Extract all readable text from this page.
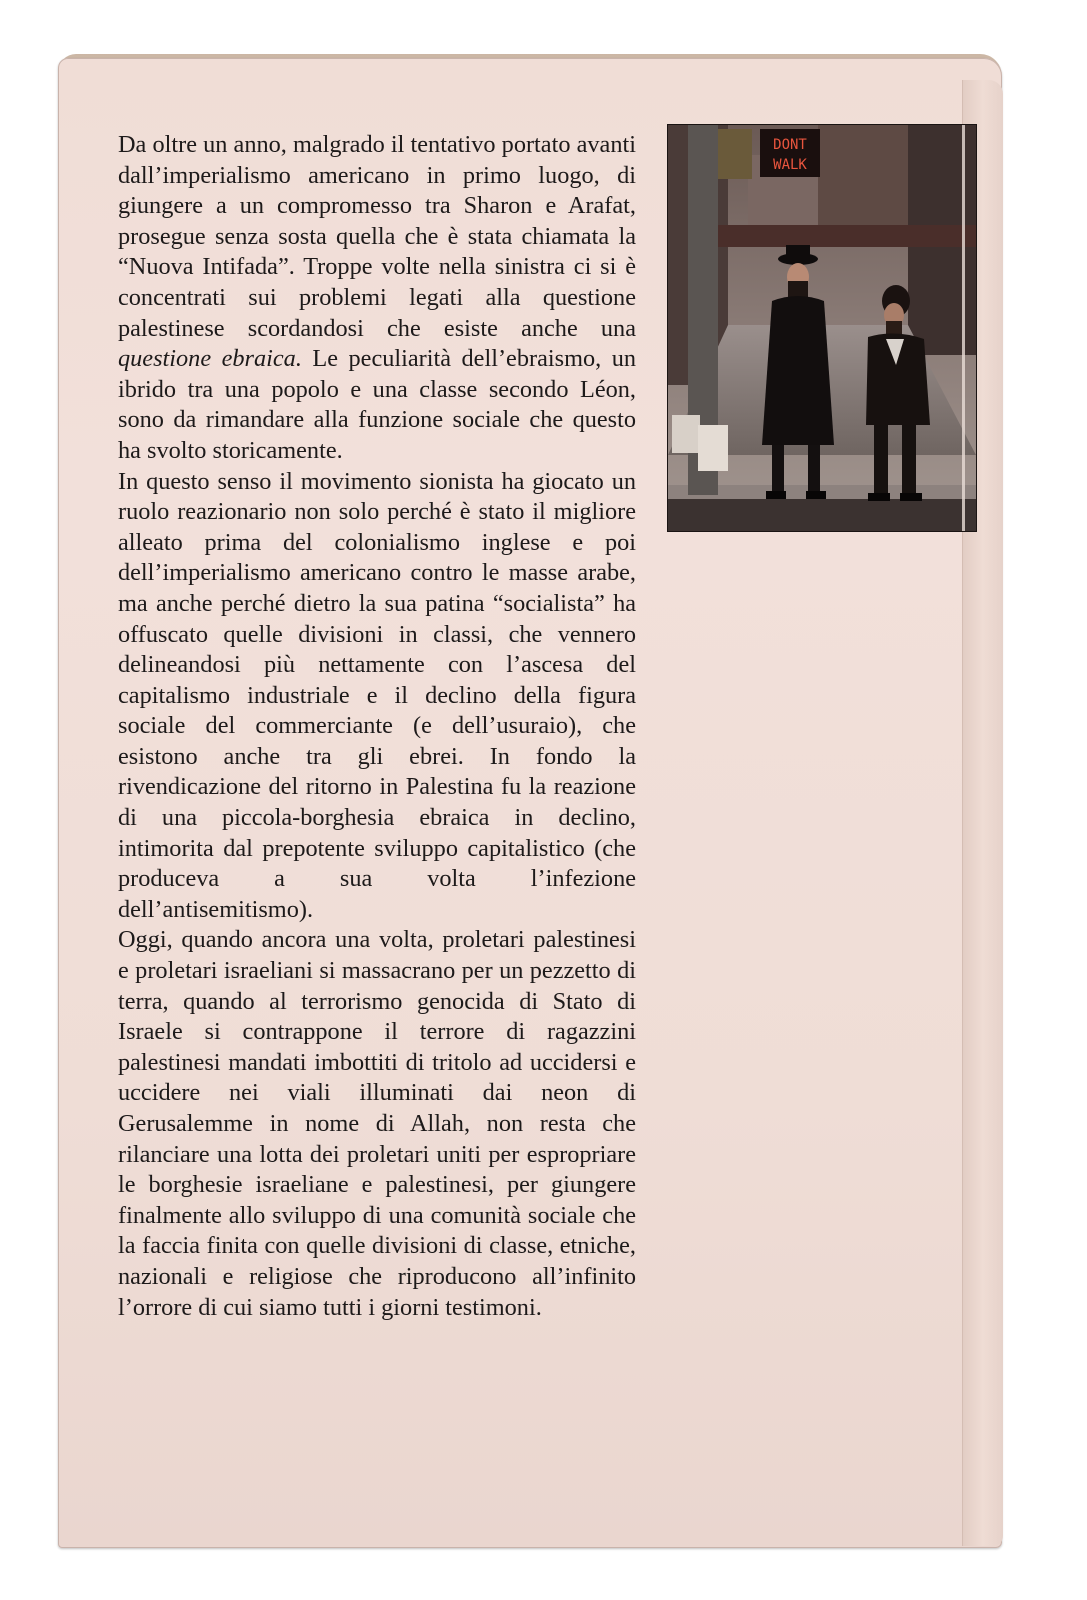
Da oltre un anno, malgrado il tentativo portato avanti dall’imperialismo americano in primo luogo, di giungere a un compromesso tra Sharon e Arafat, prosegue senza sosta quella che è stata chiamata la “Nuova Intifada”. Troppe volte nella sinistra ci si è concentrati sui problemi legati alla questione palestinese scordandosi che esiste anche una questione ebraica. Le peculiarità dell’ebraismo, un ibrido tra una popolo e una classe secondo Léon, sono da rimandare alla funzione sociale che questo ha svolto storicamente.

In questo senso il movimento sionista ha giocato un ruolo reazionario non solo perché è stato il migliore alleato prima del colonialismo inglese e poi dell’imperialismo americano contro le masse arabe, ma anche perché dietro la sua patina “socialista” ha offuscato quelle divisioni in classi, che vennero delineandosi più nettamente con l’ascesa del capitalismo industriale e il declino della figura sociale del commerciante (e dell’usuraio), che esistono anche tra gli ebrei. In fondo la rivendicazione del ritorno in Palestina fu la reazione di una piccola-borghesia ebraica in declino, intimorita dal prepotente sviluppo capitalistico (che produceva a sua volta l’infezione dell’antisemitismo).

Oggi, quando ancora una volta, proletari palestinesi e proletari israeliani si massacrano per un pezzetto di terra, quando al terrorismo genocida di Stato di Israele si contrappone il terrore di ragazzini palestinesi mandati imbottiti di tritolo ad uccidersi e uccidere nei viali illuminati dai neon di Gerusalemme in nome di Allah, non resta che rilanciare una lotta dei proletari uniti per espropriare le borghesie israeliane e palestinesi, per giungere finalmente allo sviluppo di una comunità sociale che la faccia finita con quelle divisioni di classe, etniche, nazionali e religiose che riproducono all’infinito l’orrore di cui siamo tutti i giorni testimoni.

DONT
WALK
